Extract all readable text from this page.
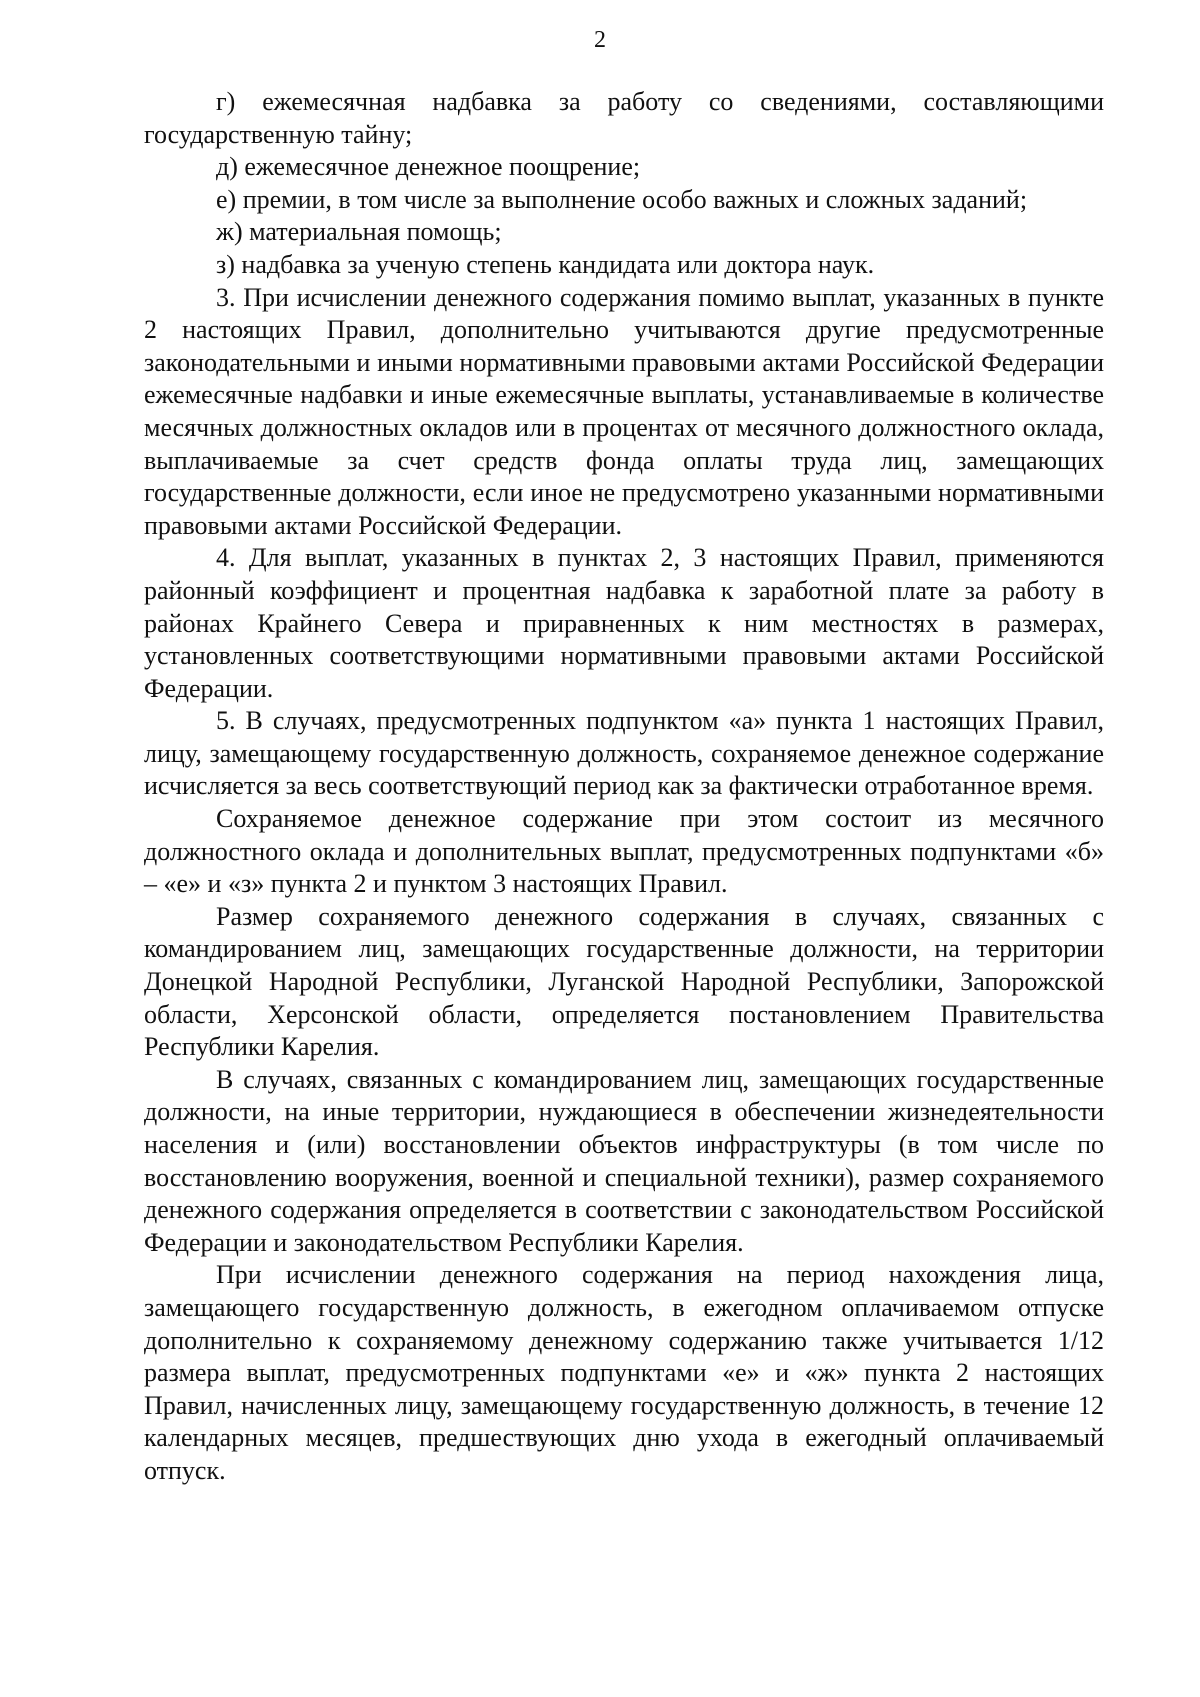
2

г) ежемесячная надбавка за работу со сведениями, составляющими государственную тайну;

д) ежемесячное денежное поощрение;

е) премии, в том числе за выполнение особо важных и сложных заданий;

ж) материальная помощь;

з) надбавка за ученую степень кандидата или доктора наук.

3. При исчислении денежного содержания помимо выплат, указанных в пункте 2 настоящих Правил, дополнительно учитываются другие предусмотренные законодательными и иными нормативными правовыми актами Российской Федерации ежемесячные надбавки и иные ежемесячные выплаты, устанавливаемые в количестве месячных должностных окладов или в процентах от месячного должностного оклада, выплачиваемые за счет средств фонда оплаты труда лиц, замещающих государственные должности, если иное не предусмотрено указанными нормативными правовыми актами Российской Федерации.

4. Для выплат, указанных в пунктах 2, 3 настоящих Правил, применяются районный коэффициент и процентная надбавка к заработной плате за работу в районах Крайнего Севера и приравненных к ним местностях в размерах, установленных соответствующими нормативными правовыми актами Российской Федерации.

5. В случаях, предусмотренных подпунктом «а» пункта 1 настоящих Правил, лицу, замещающему государственную должность, сохраняемое денежное содержание исчисляется за весь соответствующий период как за фактически отработанное время.

Сохраняемое денежное содержание при этом состоит из месячного должностного оклада и дополнительных выплат, предусмотренных подпунктами «б» – «е» и «з» пункта 2 и пунктом 3 настоящих Правил.

Размер сохраняемого денежного содержания в случаях, связанных с командированием лиц, замещающих государственные должности, на территории Донецкой Народной Республики, Луганской Народной Республики, Запорожской области, Херсонской области, определяется постановлением Правительства Республики Карелия.

В случаях, связанных с командированием лиц, замещающих государственные должности, на иные территории, нуждающиеся в обеспечении жизнедеятельности населения и (или) восстановлении объектов инфраструктуры (в том числе по восстановлению вооружения, военной и специальной техники), размер сохраняемого денежного содержания определяется в соответствии с законодательством Российской Федерации и законодательством Республики Карелия.

При исчислении денежного содержания на период нахождения лица, замещающего государственную должность, в ежегодном оплачиваемом отпуске дополнительно к сохраняемому денежному содержанию также учитывается 1/12 размера выплат, предусмотренных подпунктами «е» и «ж» пункта 2 настоящих Правил, начисленных лицу, замещающему государственную должность, в течение 12 календарных месяцев, предшествующих дню ухода в ежегодный оплачиваемый отпуск.
